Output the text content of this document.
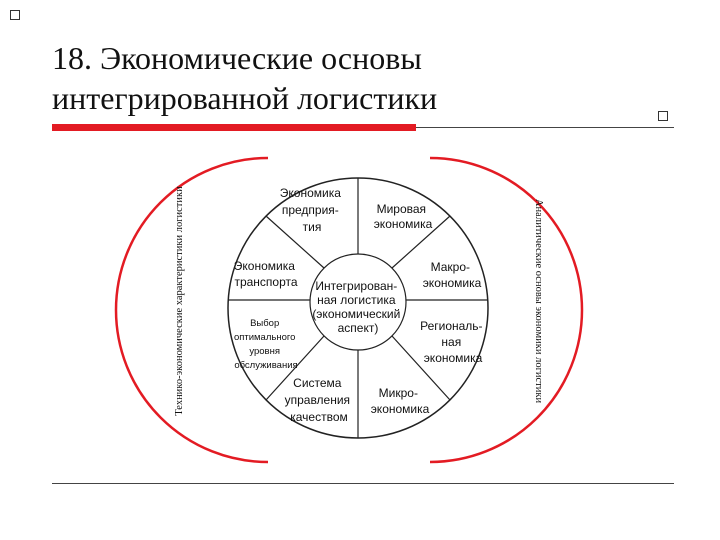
18. Экономические основы
интегрированной логистики
Интегрирован- ная логистика (экономический аспект)
Экономика предприя- тия
Мировая экономика
Макро- экономика
Региональ- ная экономика
Микро- экономика
Система управления качеством
Выбор оптимального уровня обслуживания
Экономика транспорта
Технико-экономические характеристики логистики	Аналитические основы экономики логистики
